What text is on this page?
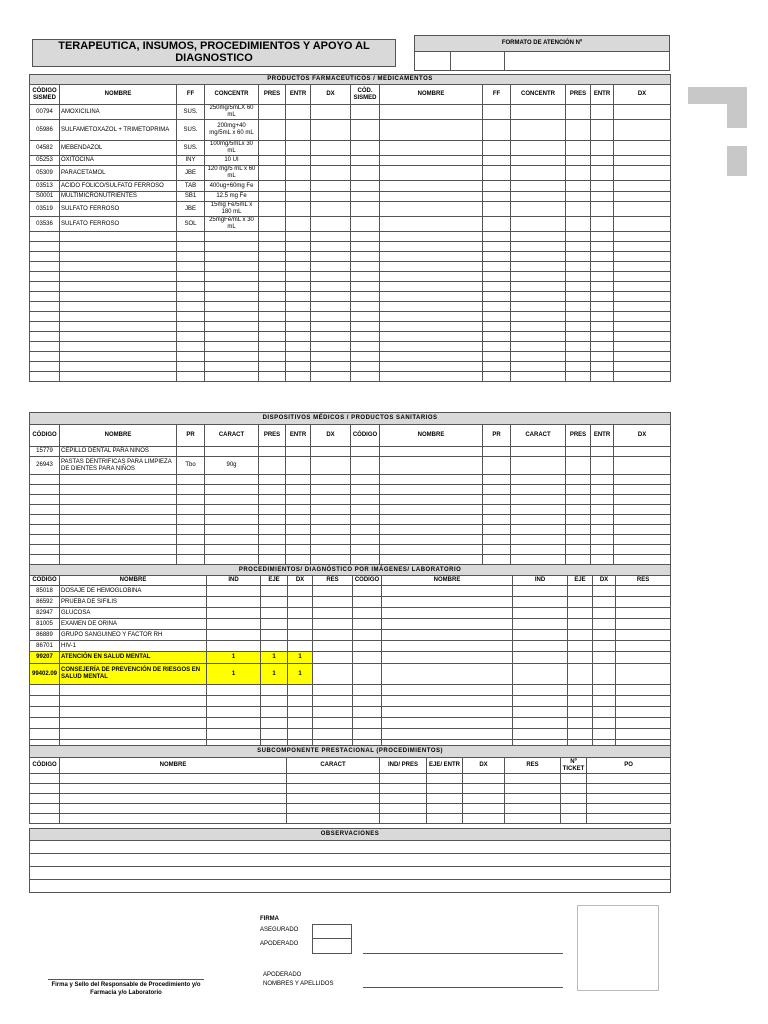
TERAPEUTICA, INSUMOS, PROCEDIMIENTOS Y APOYO AL DIAGNOSTICO
FORMATO DE ATENCIÓN Nº

PRODUCTOS FARMACEUTICOS / MEDICAMENTOS													
CÓDIGO SISMED	NOMBRE	FF	CONCENTR	PRES	ENTR	DX	CÓD. SISMED	NOMBRE	FF	CONCENTR	PRES	ENTR	DX
00794	AMOXICILINA	SUS.	250mg/5mLX 60 mL										
05986	SULFAMETOXAZOL + TRIMETOPRIMA	SUS.	200mg+40 mg/5mL x 60 mL										
04582	MEBENDAZOL	SUS.	100mg/5mLx 30 mL										
05253	OXITOCINA	INY	10 UI										
05309	PARACETAMOL	JBE	120 mg/5 mL x 60 mL										
03513	ACIDO FOLICO/SULFATO FERROSO	TAB	400ug+60mg Fe										
S0001	MULTIMICRONUTRIENTES	SB1	12.5 mg Fe										
03519	SULFATO FERROSO	JBE	15mg Fe/5mL x 180 mL										
03536	SULFATO FERROSO	SOL	25mgFe/mL x 30 mL										

DISPOSITIVOS MÉDICOS / PRODUCTOS SANITARIOS													
CÓDIGO	NOMBRE	PR	CARACT	PRES	ENTR	DX	CÓDIGO	NOMBRE	PR	CARACT	PRES	ENTR	DX
15779	CEPILLO DENTAL PARA NIÑOS												
26943	PASTAS DENTRIFICAS PARA LIMPIEZA DE DIENTES PARA NIÑOS	Tbo	90g										

PROCEDIMIENTOS/ DIAGNÓSTICO POR IMÁGENES/ LABORATORIO											
CÓDIGO	NOMBRE	IND	EJE	DX	RES	CÓDIGO	NOMBRE	IND	EJE	DX	RES
85018	DOSAJE DE HEMOGLOBINA										
86592	PRUEBA DE SIFILIS										
82947	GLUCOSA										
81005	EXAMEN DE ORINA										
86889	GRUPO SANGUINEO Y FACTOR RH										
86701	HIV-1										
99207	ATENCIÓN EN SALUD MENTAL	1	1	1							
99402.09	CONSEJERÍA DE PREVENCIÓN DE RIESGOS EN SALUD MENTAL	1	1	1							

SUBCOMPONENTE PRESTACIONAL (PROCEDIMIENTOS)								
CÓDIGO	NOMBRE	CARACT	IND/ PRES	EJE/ ENTR	DX	RES	Nº TICKET	PO

OBSERVACIONES

FIRMA
ASEGURADO
APODERADO
APODERADO
NOMBRES Y APELLIDOS
Firma y Sello del Responsable de Procedimiento y/o Farmacia y/o Laboratorio
